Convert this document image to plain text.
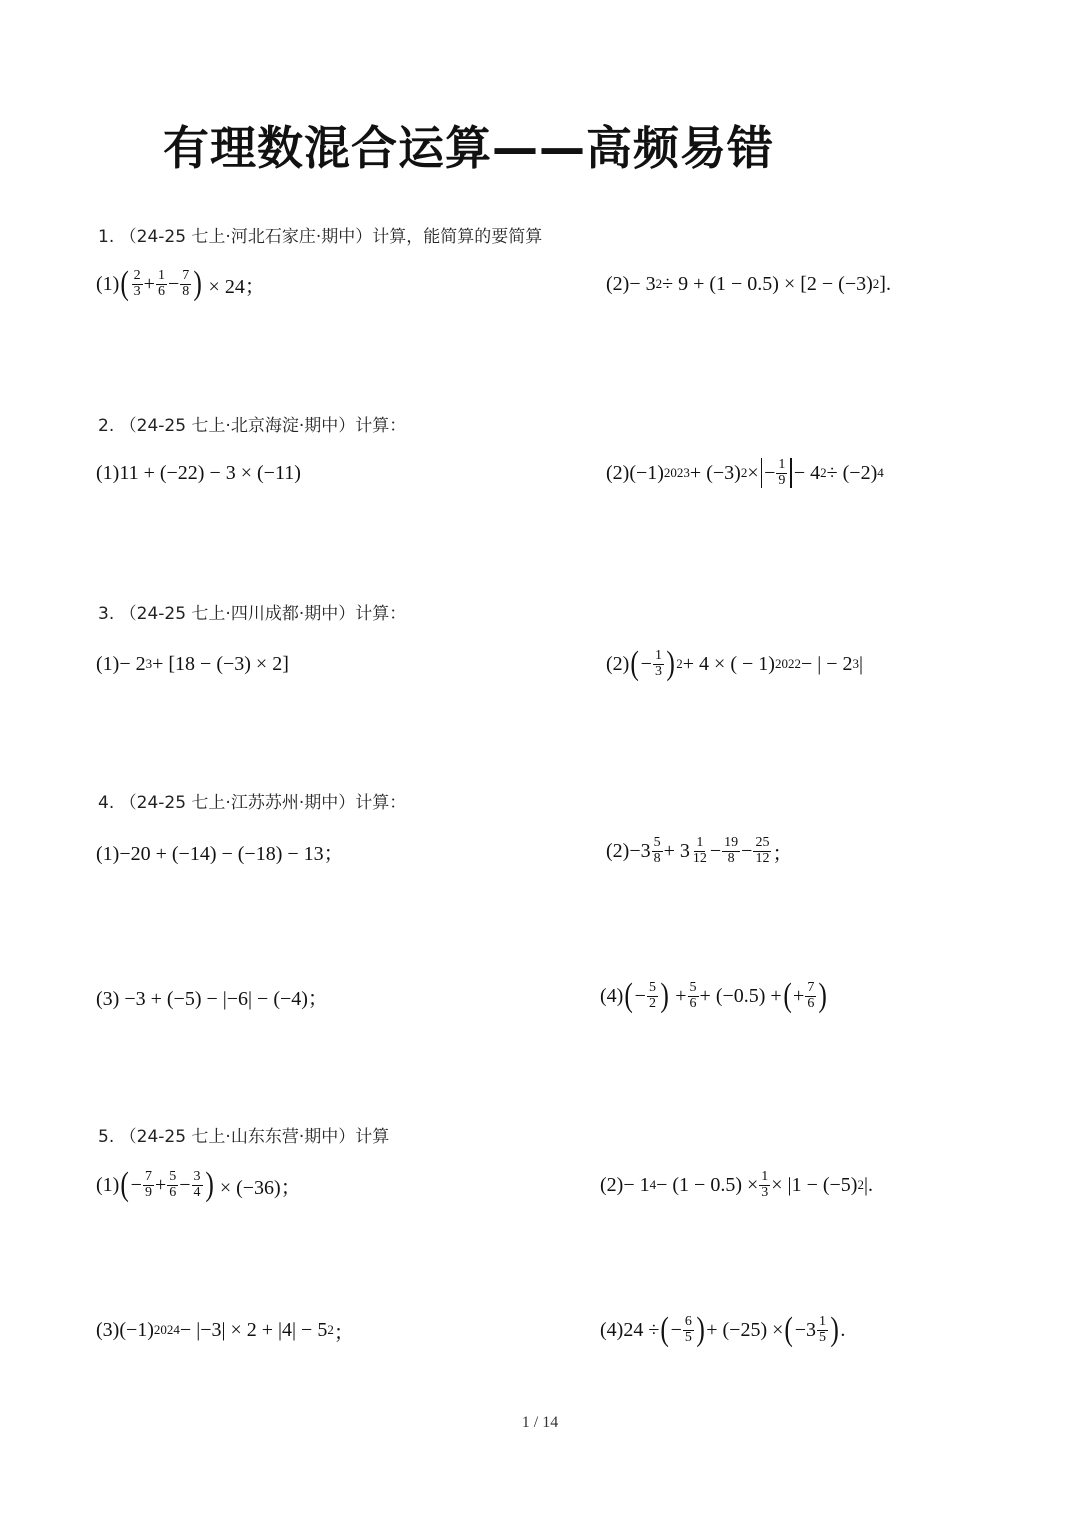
有理数混合运算——高频易错
1. （24-25 七上·河北石家庄·期中）计算，能简算的要简算
(1) ( $\frac{2}{3} + \frac{1}{6} - \frac{7}{8}$ )
× 24；	(2)− 3 2 ÷ 9 + (1 − 0.5) × [2 − (−3) 2 ].
2. （24-25 七上·北京海淀·期中）计算：
(1)11 + (−22) − 3 × (−11)	(2)(−1) 2023 + (−3) 2 × − $\frac{1}{9} - 4$ 2 ÷ (−2) 4
3. （24-25 七上·四川成都·期中）计算：
(1)− 2 3 + [18 − (−3) × 2]	(2) ( − $\frac{1}{3}$ ) 2 + 4 × ( − 1) 2022 − | − 2 3 |
4. （24-25 七上·江苏苏州·期中）计算：
(1)−20 + (−14) − (−18) − 13；	$(2)-3 \frac{5}{8} + 3 \frac{1}{12} - \frac{19}{8} - \frac{25}{12}$ ；
(3) −3 + (−5) − |−6| − (−4)；	(4) ( − $\frac{5}{2}$ ) + $\frac{5}{6} + (-0.5)$ + ( + $\frac{7}{6}$ )
5. （24-25 七上·山东东营·期中）计算
(1) ( − $\frac{7}{9} + \frac{5}{6} - \frac{3}{4}$ )
× (−36)；	(2)− 1 $4 - (1 - 0.5) \times \frac{1}{3} \times |1 - (-5)$ 2 |.
(3)(−1) 2024 − |−3| × 2 + |4| − 5 2 ；	(4)24 ÷ ( − $\frac{6}{5}$ ) + (−25) × ( $-3 \frac{1}{5}$ ) .
1 / 14
